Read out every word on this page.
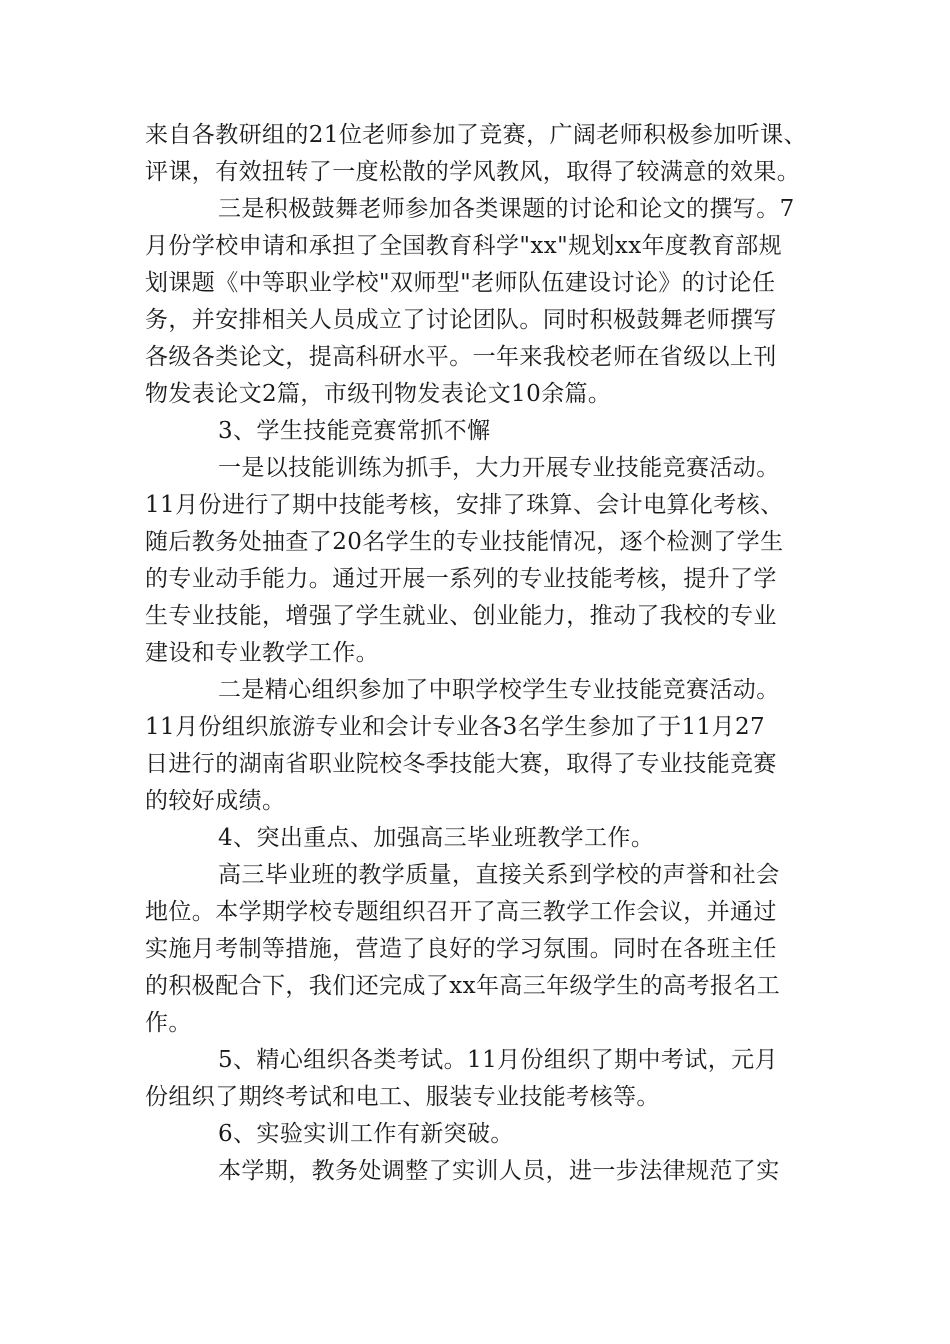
来自各教研组的21位老师参加了竞赛，广阔老师积极参加听课、
评课，有效扭转了一度松散的学风教风，取得了较满意的效果。
三是积极鼓舞老师参加各类课题的讨论和论文的撰写。7
月份学校申请和承担了全国教育科学"xx"规划xx年度教育部规
划课题《中等职业学校"双师型"老师队伍建设讨论》的讨论任
务，并安排相关人员成立了讨论团队。同时积极鼓舞老师撰写
各级各类论文，提高科研水平。一年来我校老师在省级以上刊
物发表论文2篇，市级刊物发表论文10余篇。
3、学生技能竞赛常抓不懈
一是以技能训练为抓手，大力开展专业技能竞赛活动。
11月份进行了期中技能考核，安排了珠算、会计电算化考核、
随后教务处抽查了20名学生的专业技能情况，逐个检测了学生
的专业动手能力。通过开展一系列的专业技能考核，提升了学
生专业技能，增强了学生就业、创业能力，推动了我校的专业
建设和专业教学工作。
二是精心组织参加了中职学校学生专业技能竞赛活动。
11月份组织旅游专业和会计专业各3名学生参加了于11月27
日进行的湖南省职业院校冬季技能大赛，取得了专业技能竞赛
的较好成绩。
4、突出重点、加强高三毕业班教学工作。
高三毕业班的教学质量，直接关系到学校的声誉和社会
地位。本学期学校专题组织召开了高三教学工作会议，并通过
实施月考制等措施，营造了良好的学习氛围。同时在各班主任
的积极配合下，我们还完成了xx年高三年级学生的高考报名工
作。
5、精心组织各类考试。11月份组织了期中考试，元月
份组织了期终考试和电工、服装专业技能考核等。
6、实验实训工作有新突破。
本学期，教务处调整了实训人员，进一步法律规范了实
